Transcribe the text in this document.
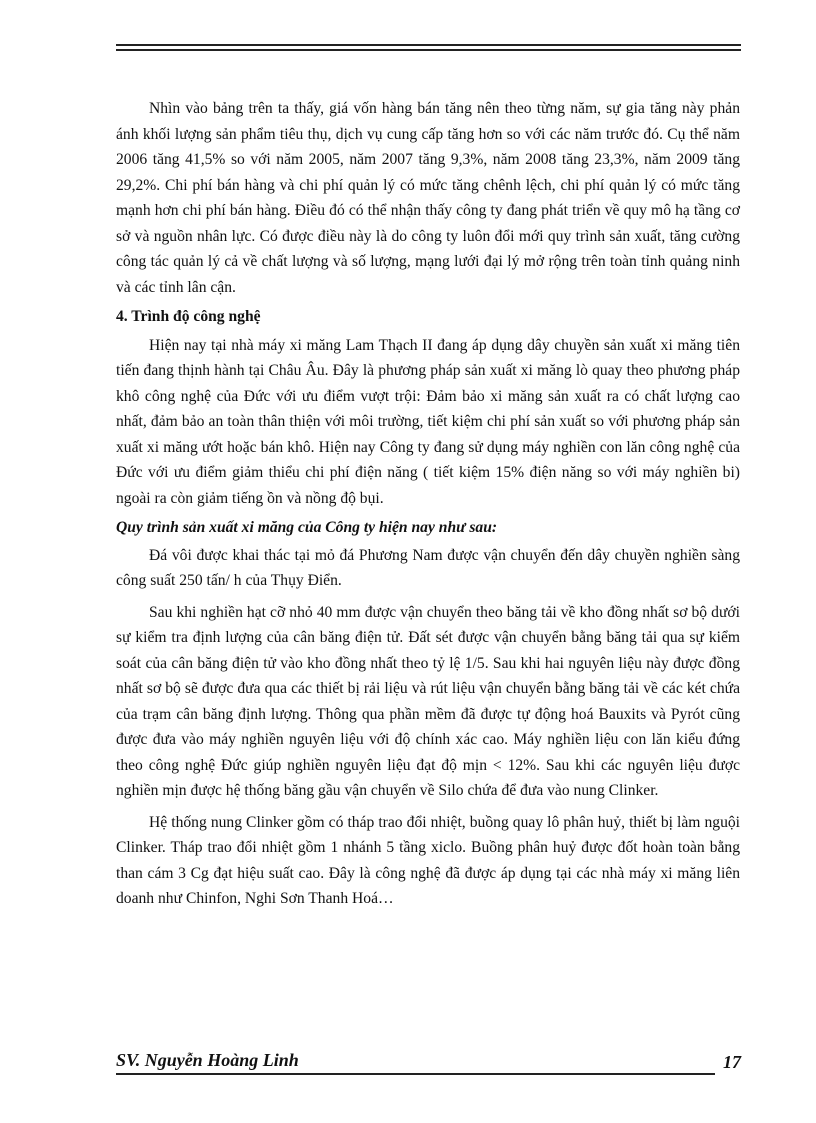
Nhìn vào bảng trên ta thấy, giá vốn hàng bán tăng nên theo từng năm, sự gia tăng này phản ánh khối lượng sản phẩm tiêu thụ, dịch vụ cung cấp tăng hơn so với các năm trước đó. Cụ thể năm 2006 tăng 41,5% so với năm 2005, năm 2007 tăng 9,3%, năm 2008 tăng 23,3%, năm 2009 tăng 29,2%. Chi phí bán hàng và chi phí quản lý có mức tăng chênh lệch, chi phí quản lý có mức tăng mạnh hơn chi phí bán hàng. Điều đó có thể nhận thấy công ty đang phát triển về quy mô hạ tầng cơ sở và nguồn nhân lực. Có được điều này là do công ty luôn đổi mới quy trình sản xuất, tăng cường công tác quản lý cả về chất lượng và số lượng, mạng lưới đại lý mở rộng trên toàn tỉnh quảng ninh và các tỉnh lân cận.

4. Trình độ công nghệ

Hiện nay tại nhà máy xi măng Lam Thạch II đang áp dụng dây chuyền sản xuất xi măng tiên tiến đang thịnh hành tại Châu Âu. Đây là phương pháp sản xuất xi măng lò quay theo phương pháp khô công nghệ của Đức với ưu điểm vượt trội: Đảm bảo xi măng sản xuất ra có chất lượng cao nhất, đảm bảo an toàn thân thiện với môi trường, tiết kiệm chi phí sản xuất so với phương pháp sản xuất xi măng ướt hoặc bán khô. Hiện nay Công ty đang sử dụng máy nghiền con lăn công nghệ của Đức với ưu điểm giảm thiểu chi phí điện năng ( tiết kiệm 15% điện năng so với máy nghiền bi) ngoài ra còn giảm tiếng ồn và nồng độ bụi.

Quy trình sản xuất xi măng của Công ty hiện nay như sau:

Đá vôi được khai thác tại mỏ đá Phương Nam được vận chuyển đến dây chuyền nghiền sàng công suất 250 tấn/ h của Thụy Điển.

Sau khi nghiền hạt cỡ nhỏ 40 mm được vận chuyển theo băng tải về kho đồng nhất sơ bộ dưới sự kiểm tra định lượng của cân băng điện tử. Đất sét được vận chuyển bằng băng tải qua sự kiểm soát của cân băng điện tử vào kho đồng nhất theo tỷ lệ 1/5. Sau khi hai nguyên liệu này được đồng nhất sơ bộ sẽ được đưa qua các thiết bị rải liệu và rút liệu vận chuyển bằng băng tải về các két chứa của trạm cân băng định lượng. Thông qua phần mềm đã được tự động hoá Bauxits và Pyrót cũng được đưa vào máy nghiền nguyên liệu với độ chính xác cao. Máy nghiền liệu con lăn kiểu đứng theo công nghệ Đức giúp nghiền nguyên liệu đạt độ mịn < 12%. Sau khi các nguyên liệu được nghiền mịn được hệ thống băng gầu vận chuyển về Silo chứa để đưa vào nung Clinker.

Hệ thống nung Clinker gồm có tháp trao đổi nhiệt, buồng quay lô phân huỷ, thiết bị làm nguội Clinker. Tháp trao đổi nhiệt gồm 1 nhánh 5 tầng xiclo. Buồng phân huỷ được đốt hoàn toàn bằng than cám 3 Cg đạt hiệu suất cao. Đây là công nghệ đã được áp dụng tại các nhà máy xi măng liên doanh như Chinfon, Nghi Sơn Thanh Hoá…

SV. Nguyễn Hoàng Linh	17
